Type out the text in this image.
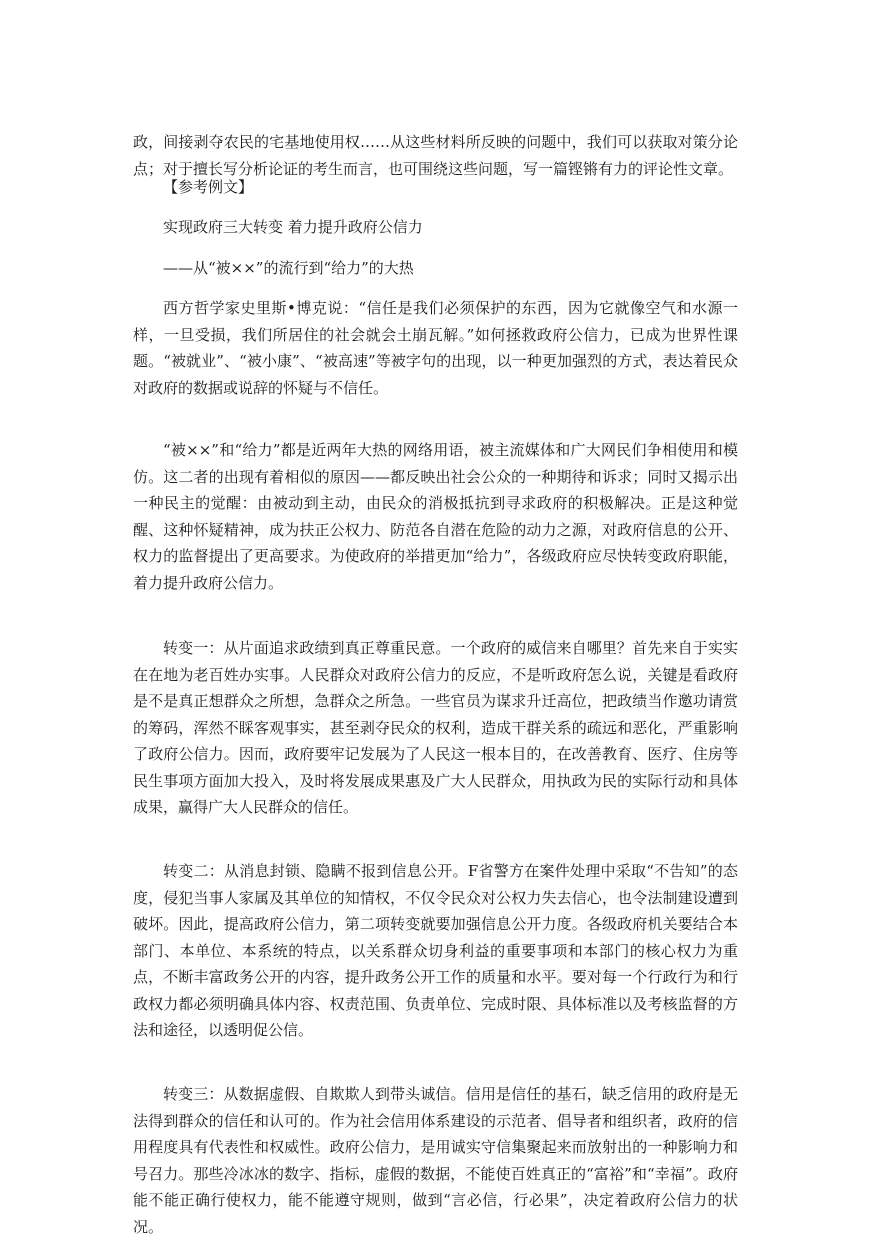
政，间接剥夺农民的宅基地使用权……从这些材料所反映的问题中，我们可以获取对策分论点；对于擅长写分析论证的考生而言，也可围绕这些问题，写一篇铿锵有力的评论性文章。

【参考例文】

实现政府三大转变 着力提升政府公信力

——从“被××”的流行到“给力”的大热

西方哲学家史里斯•博克说：“信任是我们必须保护的东西，因为它就像空气和水源一样，一旦受损，我们所居住的社会就会土崩瓦解。”如何拯救政府公信力，已成为世界性课题。“被就业”、“被小康”、“被高速”等被字句的出现，以一种更加强烈的方式，表达着民众对政府的数据或说辞的怀疑与不信任。

“被××”和“给力”都是近两年大热的网络用语，被主流媒体和广大网民们争相使用和模仿。这二者的出现有着相似的原因——都反映出社会公众的一种期待和诉求；同时又揭示出一种民主的觉醒：由被动到主动，由民众的消极抵抗到寻求政府的积极解决。正是这种觉醒、这种怀疑精神，成为扶正公权力、防范各自潜在危险的动力之源，对政府信息的公开、权力的监督提出了更高要求。为使政府的举措更加“给力”，各级政府应尽快转变政府职能，着力提升政府公信力。

转变一：从片面追求政绩到真正尊重民意。一个政府的威信来自哪里？首先来自于实实在在地为老百姓办实事。人民群众对政府公信力的反应，不是听政府怎么说，关键是看政府是不是真正想群众之所想，急群众之所急。一些官员为谋求升迁高位，把政绩当作邀功请赏的筹码，浑然不睬客观事实，甚至剥夺民众的权利，造成干群关系的疏远和恶化，严重影响了政府公信力。因而，政府要牢记发展为了人民这一根本目的，在改善教育、医疗、住房等民生事项方面加大投入，及时将发展成果惠及广大人民群众，用执政为民的实际行动和具体成果，赢得广大人民群众的信任。

转变二：从消息封锁、隐瞒不报到信息公开。F省警方在案件处理中采取“不告知”的态度，侵犯当事人家属及其单位的知情权，不仅令民众对公权力失去信心，也令法制建设遭到破坏。因此，提高政府公信力，第二项转变就要加强信息公开力度。各级政府机关要结合本部门、本单位、本系统的特点，以关系群众切身利益的重要事项和本部门的核心权力为重点，不断丰富政务公开的内容，提升政务公开工作的质量和水平。要对每一个行政行为和行政权力都必须明确具体内容、权责范围、负责单位、完成时限、具体标准以及考核监督的方法和途径，以透明促公信。

转变三：从数据虚假、自欺欺人到带头诚信。信用是信任的基石，缺乏信用的政府是无法得到群众的信任和认可的。作为社会信用体系建设的示范者、倡导者和组织者，政府的信用程度具有代表性和权威性。政府公信力，是用诚实守信集聚起来而放射出的一种影响力和号召力。那些冷冰冰的数字、指标，虚假的数据，不能使百姓真正的“富裕”和“幸福”。政府能不能正确行使权力，能不能遵守规则，做到“言必信，行必果”，决定着政府公信力的状况。
